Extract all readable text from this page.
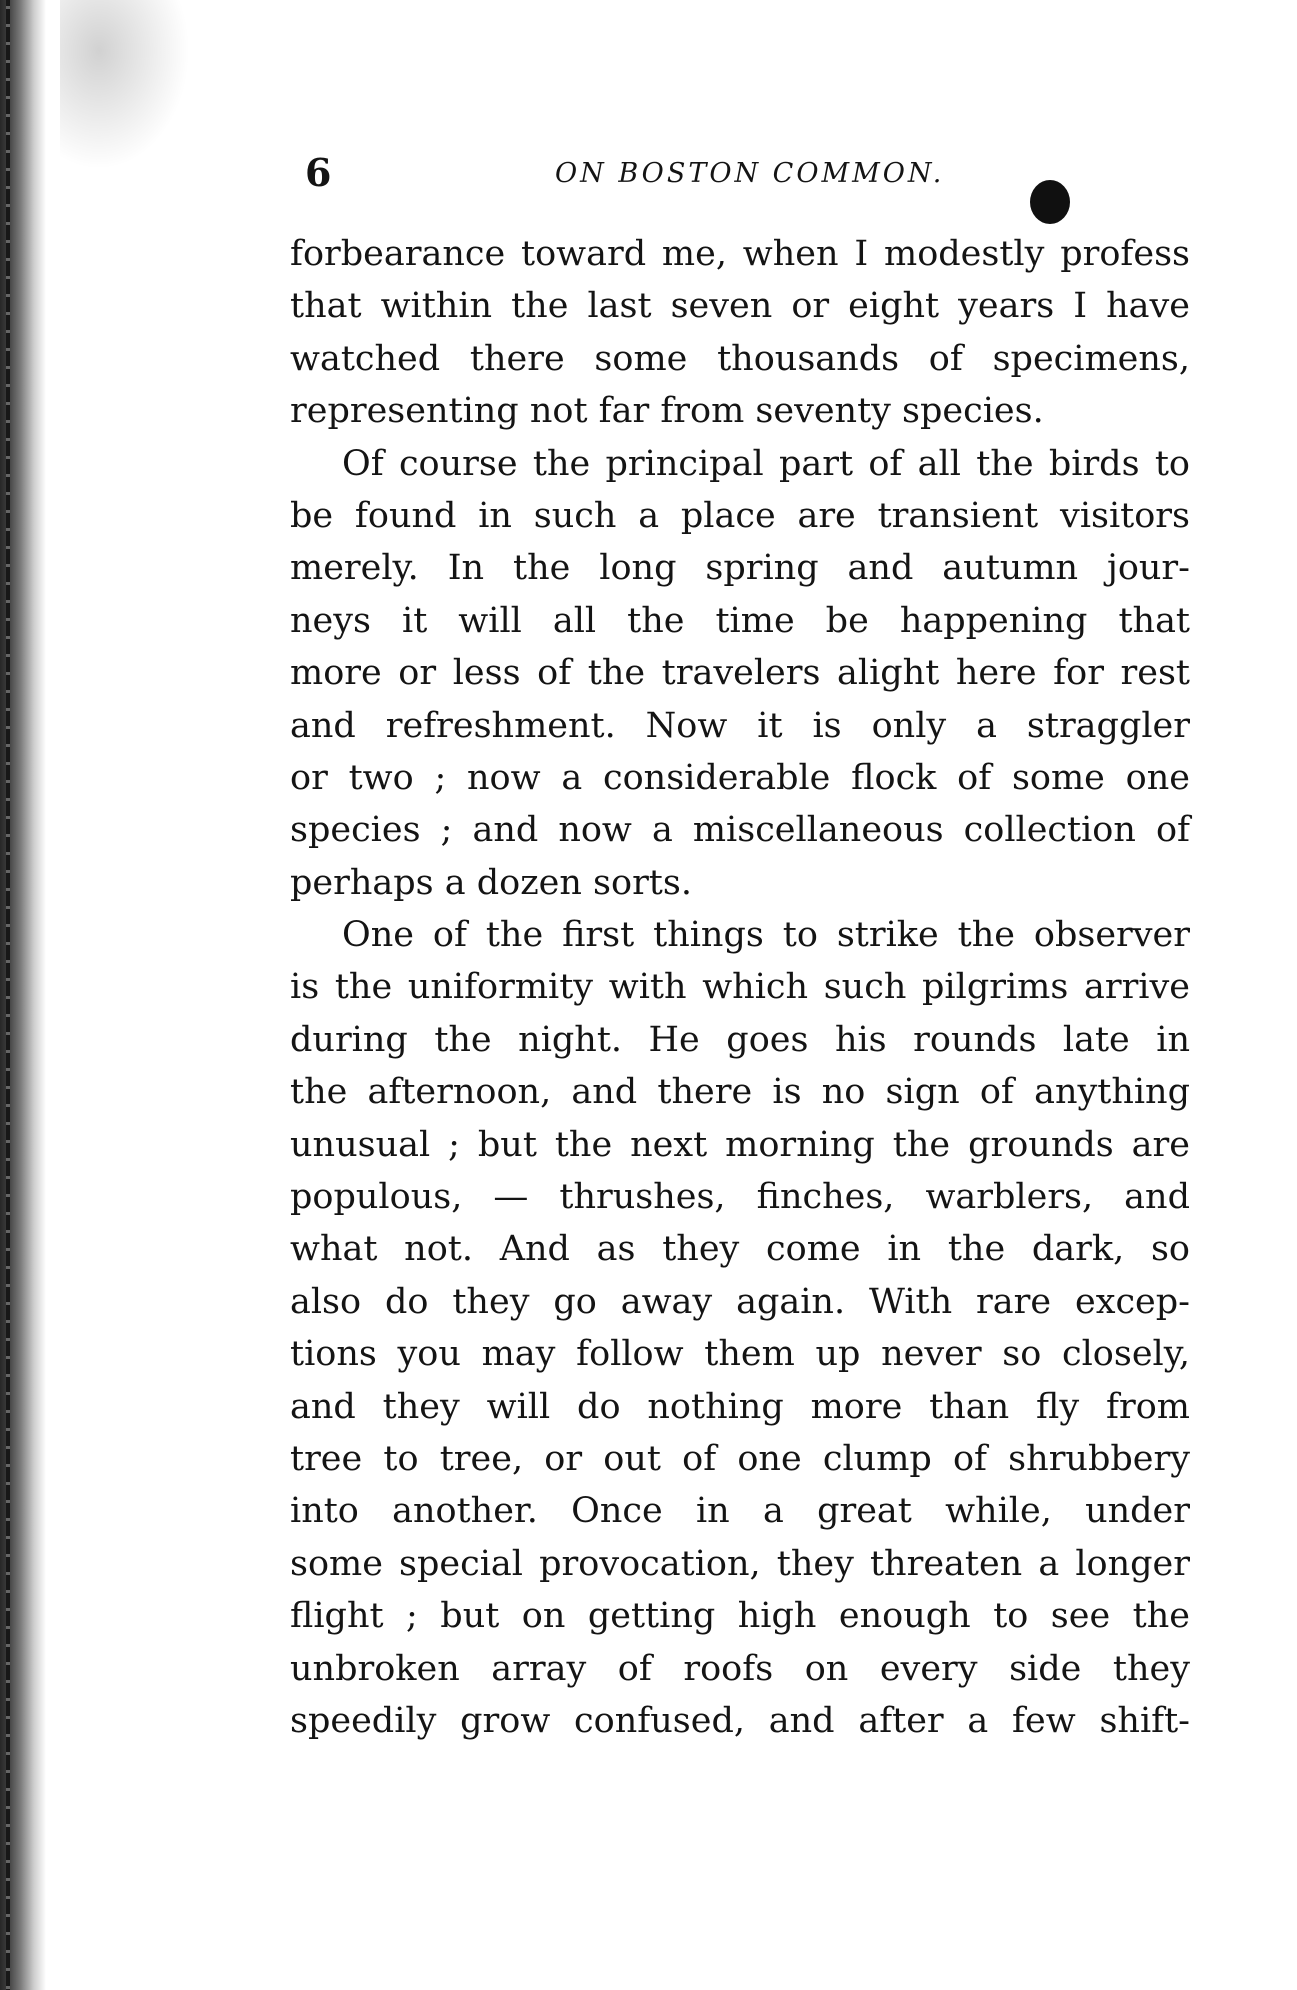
6	ON BOSTON COMMON.
forbearance toward me, when I modestly profess
that within the last seven or eight years I have
watched there some thousands of specimens,
representing not far from seventy species.
Of course the principal part of all the birds to
be found in such a place are transient visitors
merely. In the long spring and autumn jour-
neys it will all the time be happening that
more or less of the travelers alight here for rest
and refreshment. Now it is only a straggler
or two ; now a considerable flock of some one
species ; and now a miscellaneous collection of
perhaps a dozen sorts.
One of the first things to strike the observer
is the uniformity with which such pilgrims arrive
during the night. He goes his rounds late in
the afternoon, and there is no sign of anything
unusual ; but the next morning the grounds are
populous, — thrushes, finches, warblers, and
what not. And as they come in the dark, so
also do they go away again. With rare excep-
tions you may follow them up never so closely,
and they will do nothing more than fly from
tree to tree, or out of one clump of shrubbery
into another. Once in a great while, under
some special provocation, they threaten a longer
flight ; but on getting high enough to see the
unbroken array of roofs on every side they
speedily grow confused, and after a few shift-
